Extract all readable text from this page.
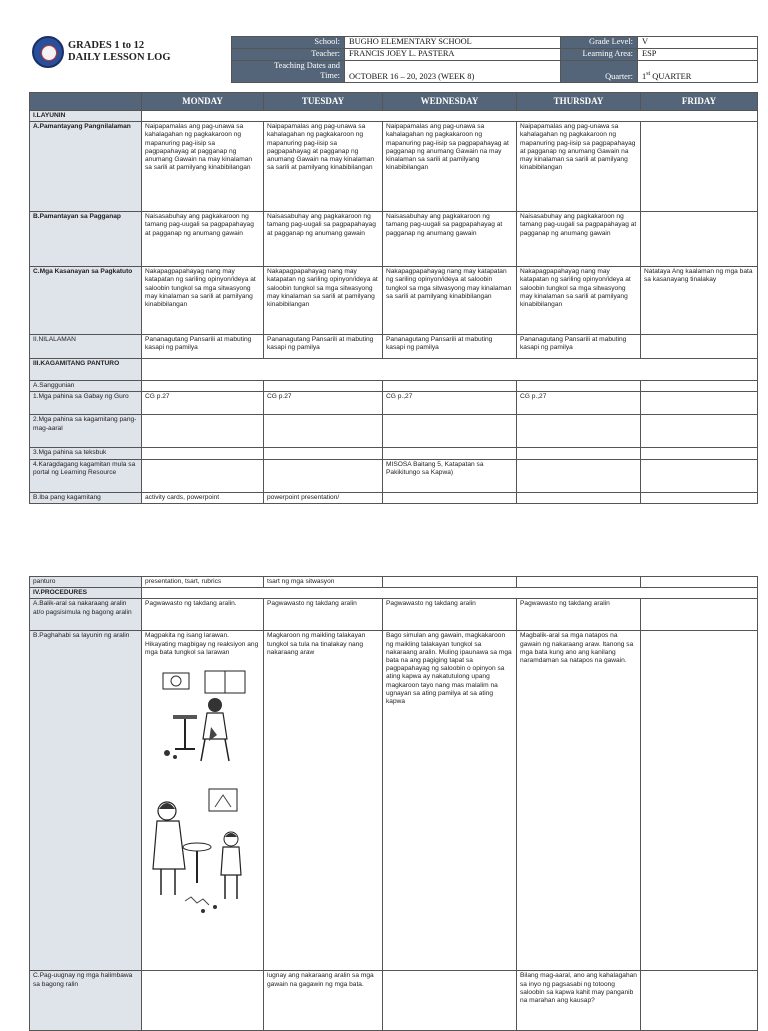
GRADES 1 to 12
DAILY LESSON LOG
School:	BUGHO ELEMENTARY SCHOOL	Grade Level:	V
Teacher:	FRANCIS JOEY L. PASTERA	Learning Area:	ESP

Teaching Dates and
Time:	OCTOBER 16 – 20, 2023 (WEEK 8)	Quarter:	1st QUARTER
	MONDAY	TUESDAY	WEDNESDAY	THURSDAY	FRIDAY
I.LAYUNIN					
A.Pamantayang Pangnilalaman	Naipapamalas ang pag-unawa sa kahalagahan ng pagkakaroon ng mapanuring pag-iisip sa pagpapahayag at pagganap ng anumang Gawain na may kinalaman sa sarili at pamilyang kinabibilangan	Naipapamalas ang pag-unawa sa kahalagahan ng pagkakaroon ng mapanuring pag-iisip sa pagpapahayag at pagganap ng anumang Gawain na may kinalaman sa sarili at pamilyang kinabibilangan	Naipapamalas ang pag-unawa sa kahalagahan ng pagkakaroon ng mapanuring pag-iisip sa pagpapahayag at pagganap ng anumang Gawain na may kinalaman sa sarili at pamilyang kinabibilangan	Naipapamalas ang pag-unawa sa kahalagahan ng pagkakaroon ng mapanuring pag-iisip sa pagpapahayag at pagganap ng anumang Gawain na may kinalaman sa sarili at pamilyang kinabibilangan	
B.Pamantayan sa Pagganap	Naisasabuhay ang pagkakaroon ng tamang pag-uugali sa pagpapahayag at pagganap ng anumang gawain	Naisasabuhay ang pagkakaroon ng tamang pag-uugali sa pagpapahayag at pagganap ng anumang gawain	Naisasabuhay ang pagkakaroon ng tamang pag-uugali sa pagpapahayag at pagganap ng anumang gawain	Naisasabuhay ang pagkakaroon ng tamang pag-uugali sa pagpapahayag at pagganap ng anumang gawain	
C.Mga Kasanayan sa Pagkatuto	Nakapagpapahayag nang may katapatan ng sariling opinyon/ideya at saloobin tungkol sa mga sitwasyong may kinalaman sa sarili at pamilyang kinabibilangan	Nakapagpapahayag nang may katapatan ng sariling opinyon/ideya at saloobin tungkol sa mga sitwasyong may kinalaman sa sarili at pamilyang kinabibilangan	Nakapagpapahayag nang may katapatan ng sariling opinyon/ideya at saloobin tungkol sa mga sitwasyong may kinalaman sa sarili at pamilyang kinabibilangan	Nakapagpapahayag nang may katapatan ng sariling opinyon/ideya at saloobin tungkol sa mga sitwasyong may kinalaman sa sarili at pamilyang kinabibilangan	Natataya Ang kaalaman ng mga bata sa kasanayang tinalakay
II.NILALAMAN	Pananagutang Pansarili at mabuting kasapi ng pamilya	Pananagutang Pansarili at mabuting kasapi ng pamilya	Pananagutang Pansarili at mabuting kasapi ng pamilya	Pananagutang Pansarili at mabuting kasapi ng pamilya	
III.KAGAMITANG PANTURO					
A.Sanggunian					
1.Mga pahina sa Gabay ng Guro	CG p.27	CG p.27	CG p.,27	CG p.,27	
2.Mga pahina sa kagamitang pang-mag-aaral					
3.Mga pahina sa teksbuk					
4.Karagdagang kagamitan mula sa portal ng Learning Resource			MISOSA Baitang 5, Katapatan sa Pakikitungo sa Kapwa)		
B.Iba pang kagamitang	activity cards, powerpoint	powerpoint presentation/			
panturo	presentation, tsart, rubrics	tsart ng mga sitwasyon			
IV.PROCEDURES					
A.Balik-aral sa nakaraang aralin at/o pagsisimula ng bagong aralin	Pagwawasto ng takdang aralin.	Pagwawasto ng takdang aralin	Pagwawasto ng takdang aralin	Pagwawasto ng takdang aralin	
B.Paghahabi sa layunin ng aralin	Magpakita ng isang larawan. Hikayating magbigay ng reaksiyon ang mga bata tungkol sa larawan	Magkaroon ng maikling talakayan tungkol sa tula na tinalakay nang nakaraang araw	Bago simulan ang gawain, magkakaroon ng maikling talakayan tungkol sa nakaraang aralin. Muling ipaunawa sa mga bata na ang pagiging tapat sa pagpapahayag ng saloobin o opinyon sa ating kapwa ay nakatutulong upang magkaroon tayo nang mas malalim na ugnayan sa ating pamilya at sa ating kapwa	Magbalik-aral sa mga natapos na gawain ng nakaraang araw. Itanong sa mga bata kung ano ang kanilang naramdaman sa natapos na gawain.	
C.Pag-uugnay ng mga halimbawa sa bagong ralin		lugnay ang nakaraang aralin sa mga gawain na gagawin ng mga bata.		Bilang mag-aaral, ano ang kahalagahan sa inyo ng pagsasabi ng totoong saloobin sa kapwa kahit may panganib na marahan ang kausap?	
